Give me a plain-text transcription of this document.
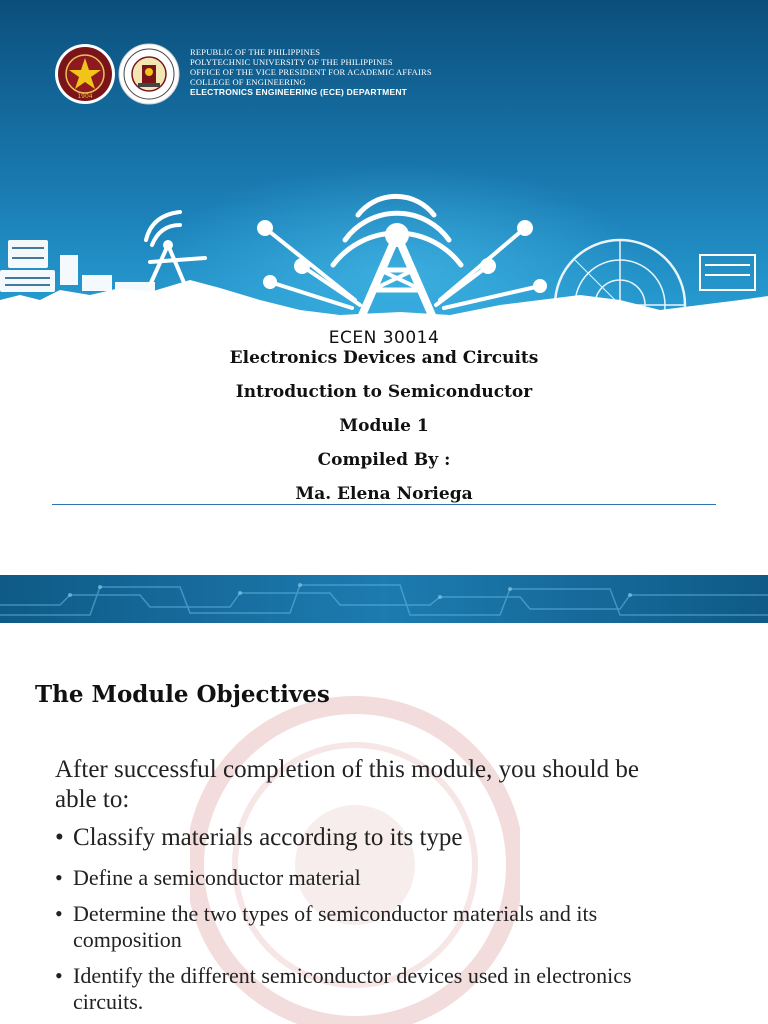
1904
REPUBLIC OF THE PHILIPPINES
POLYTECHNIC UNIVERSITY OF THE PHILIPPINES
OFFICE OF THE VICE PRESIDENT FOR ACADEMIC AFFAIRS
COLLEGE OF ENGINEERING
ELECTRONICS ENGINEERING (ECE) DEPARTMENT
ECEN 30014
Electronics Devices and Circuits
Introduction to Semiconductor
Module 1
Compiled By :
Ma. Elena Noriega
The Module Objectives
After successful completion of this module, you should be able to:
• Classify materials according to its type
• Define a semiconductor material
• Determine the two types of semiconductor materials and its composition
• Identify the different semiconductor devices used in electronics circuits.
